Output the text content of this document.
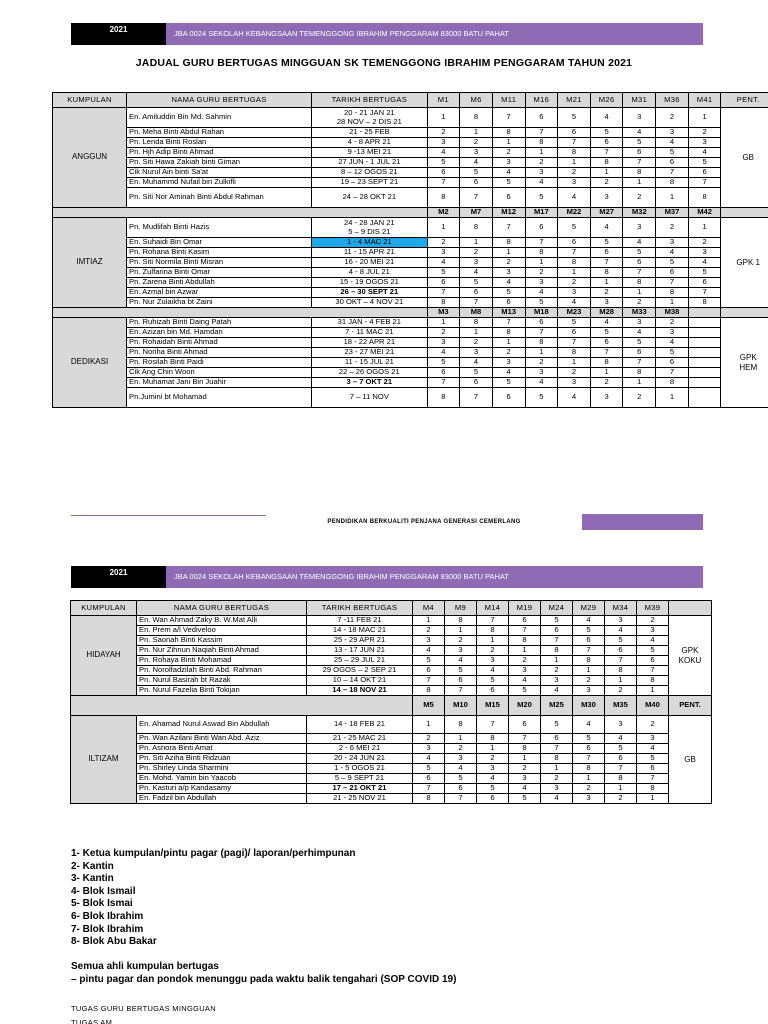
2021	JBA 0024 SEKOLAH KEBANGSAAN TEMENGGONG IBRAHIM PENGGARAM 83000 BATU PAHAT
JADUAL GURU BERTUGAS MINGGUAN SK TEMENGGONG IBRAHIM PENGGARAM TAHUN 2021
KUMPULAN	NAMA GURU BERTUGAS	TARIKH BERTUGAS	M1	M6	M11	M16	M21	M26	M31	M36	M41	PENT.
ANGGUN	En. Amiluddin Bin Md. Sahmin	20 - 21 JAN 21
28 NOV – 2 DIS 21	1	8	7	6	5	4	3	2	1	GB
	Pn. Meha Binti Abdul Rahan	21 - 25 FEB	2	1	8	7	6	5	4	3	2	
	Pn. Lenda Binti Roslan	4 - 8 APR 21	3	2	1	8	7	6	5	4	3	
	Pn. Hjh Adip Binti Ahmad	9 -13 MEI 21	4	3	2	1	8	7	6	5	4	
	Pn. Siti Hawa Zakiah binti Giman	27 JUN - 1 JUL 21	5	4	3	2	1	8	7	6	5	
	Cik Nurul Ain binti Sa'at	8 – 12 OGOS 21	6	5	4	3	2	1	8	7	6	
	En. Muhammd Nufail bin Zulkifli	19 – 23 SEPT 21	7	6	5	4	3	2	1	8	7	
	Pn. Siti Nor Aminah Binti Abdul Rahman	24 – 28 OKT 21	8	7	6	5	4	3	2	1	8	
			M2	M7	M12	M17	M22	M27	M32	M37	M42	
IMTIAZ	Pn. Mudlifah Binti Hazis	24 - 28 JAN 21
5 – 9 DIS 21	1	8	7	6	5	4	3	2	1	GPK 1
	En. Suhaidi Bin Omar	1 - 4 MAC 21	2	1	8	7	6	5	4	3	2	
	Pn. Rohana Binti Kasim	11 - 15 APR 21	3	2	1	8	7	6	5	4	3	
	Pn. Siti Normila Binti Misran	16 - 20 MEI 21	4	3	2	1	8	7	6	5	4	
	Pn. Zulfarina Binti Omar	4 - 8 JUL 21	5	4	3	2	1	8	7	6	5	
	Pn. Zarena Binti Abdullah	15 - 19 OGOS 21	6	5	4	3	2	1	8	7	6	
	En. Azmal bin Azwar	26 – 30 SEPT 21	7	6	5	4	3	2	1	8	7	
	Pn. Nur Zulaikha bt Zaini	30 OKT – 4 NOV 21	8	7	6	5	4	3	2	1	8	
			M3	M8	M13	M18	M23	M28	M33	M38		
DEDIKASI	Pn. Ruhizah Binti Daing Patah	31 JAN - 4 FEB 21	1	8	7	6	5	4	3	2		GPK
HEM
	En. Azizan bin Md. Hamdan	7 - 11 MAC 21	2	1	8	7	6	5	4	3		
	Pn. Rohaidah Binti Ahmad	18 - 22 APR 21	3	2	1	8	7	6	5	4		
	Pn. Noriha Binti Ahmad	23 - 27 MEI 21	4	3	2	1	8	7	6	5		
	Pn. Rosilah Binti Paidi	11 - 15 JUL 21	5	4	3	2	1	8	7	6		
	Cik Ang Chin Woon	22 – 26 OGOS 21	6	5	4	3	2	1	8	7		
	En. Muhamat Jani Bin Juahir	3 – 7 OKT 21	7	6	5	4	3	2	1	8		
	Pn.Jumini bt Mohamad	7 – 11 NOV	8	7	6	5	4	3	2	1		
PENDIDIKAN BERKUALITI PENJANA GENERASI CEMERLANG
2021	JBA 0024 SEKOLAH KEBANGSAAN TEMENGGONG IBRAHIM PENGGARAM 83000 BATU PAHAT
KUMPULAN	NAMA GURU BERTUGAS	TARIKH BERTUGAS	M4	M9	M14	M19	M24	M29	M34	M39	
HIDAYAH	En. Wan Ahmad Zaky B. W.Mat Alli	7 -11 FEB 21	1	8	7	6	5	4	3	2	GPK
KOKU
	En. Prem a/l Vediveloo	14 - 18 MAC 21	2	1	8	7	6	5	4	3	
	Pn. Saonah Binti Kassim	25 - 29 APR 21	3	2	1	8	7	6	5	4	
	Pn. Nur Zihnun Naqiah Binti Ahmad	13 - 17 JUN 21	4	3	2	1	8	7	6	5	
	Pn. Rohaya Binti Mohamad	25 – 29 JUL 21	5	4	3	2	1	8	7	6	
	Pn. Norolfadzilah Binti Abd. Rahman	29 OGOS – 2 SEP 21	6	5	4	3	2	1	8	7	
	Pn. Nurul Basirah bt Razak	10 – 14 OKT 21	7	6	5	4	3	2	1	8	
	Pn. Nurul Fazelia Binti Tokijan	14 – 18 NOV 21	8	7	6	5	4	3	2	1	
			M5	M10	M15	M20	M25	M30	M35	M40	PENT.
ILTIZAM	En. Ahamad Nurul Aswad Bin Abdullah	14 - 18 FEB 21	1	8	7	6	5	4	3	2	GB
	Pn. Wan Azilani Binti Wan Abd. Aziz	21 - 25 MAC 21	2	1	8	7	6	5	4	3	
	Pn. Asnora Binti Amat	2 - 6 MEI 21	3	2	1	8	7	6	5	4	
	Pn. Siti Aziha Binti Ridzuan	20 - 24 JUN 21	4	3	2	1	8	7	6	5	
	Pn. Shirley Linda Sharmini	1 - 5 OGOS 21	5	4	3	2	1	8	7	6	
	En. Mohd. Yamin bin Yaacob	5 – 9 SEPT 21	6	5	4	3	2	1	8	7	
	Pn. Kasturi a/p Kandasamy	17 – 21 OKT 21	7	6	5	4	3	2	1	8	
	En. Fadzil bin Abdullah	21 - 25 NOV 21	8	7	6	5	4	3	2	1	
1- Ketua kumpulan/pintu pagar (pagi)/ laporan/perhimpunan
2- Kantin
3- Kantin
4- Blok Ismail
5- Blok Ismai
6- Blok Ibrahim
7- Blok Ibrahim
8- Blok Abu Bakar
Semua ahli kumpulan bertugas
– pintu pagar dan pondok menunggu pada waktu balik tengahari (SOP COVID 19)
TUGAS GURU BERTUGAS MINGGUAN
TUGAS AM
